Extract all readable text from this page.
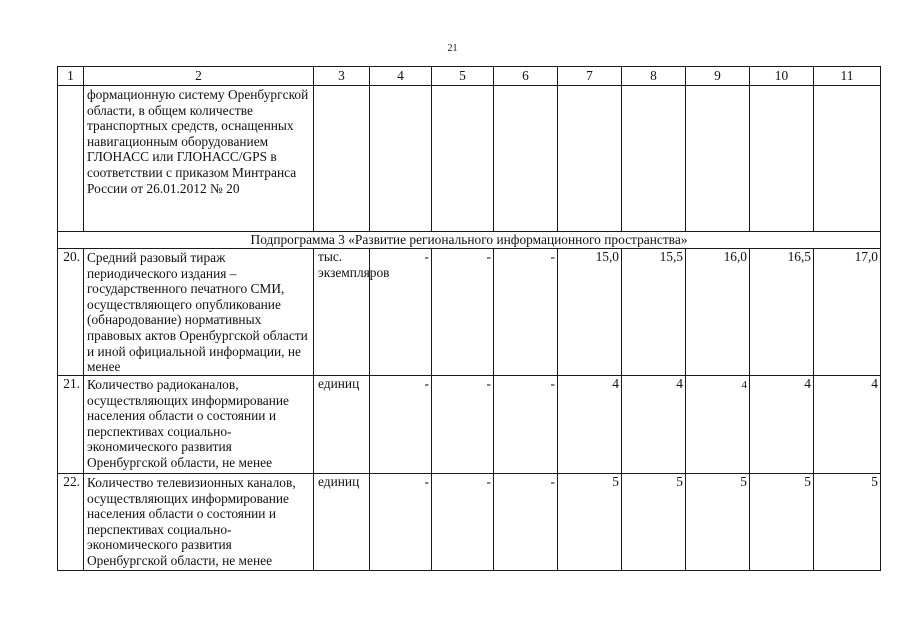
21
1	2	3	4	5	6	7	8	9	10	11
	формационную систему Оренбургской области, в общем количестве транспортных средств, оснащенных навигационным оборудованием ГЛОНАСС или ГЛОНАСС/GPS в соответствии с приказом Минтранса России от 26.01.2012 № 20									
Подпрограмма 3 «Развитие регионального информационного пространства»										
20.	Средний разовый тираж периодического издания – государственного печатного СМИ, осуществляющего опубликование (обнародование) нормативных правовых актов Оренбургской области и иной официальной информации, не менее	тыс. экземпляров	-	-	-	15,0	15,5	16,0	16,5	17,0
21.	Количество радиоканалов, осуществляющих информирование населения области о состоянии и перспективах социально-экономического развития Оренбургской области, не менее	единиц	-	-	-	4	4	4	4	4
22.	Количество телевизионных каналов, осуществляющих информирование населения области о состоянии и перспективах социально-экономического развития Оренбургской области, не менее	единиц	-	-	-	5	5	5	5	5
